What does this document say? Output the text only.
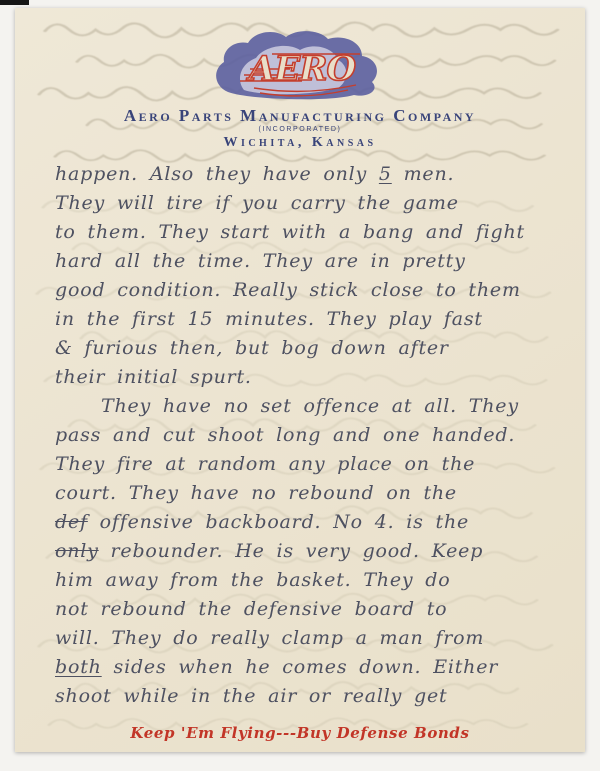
AERO
Aero Parts Manufacturing Company
(INCORPORATED)
Wichita, Kansas
happen. Also they have only 5 men.
They will tire if you carry the game
to them. They start with a bang and fight
hard all the time. They are in pretty
good condition. Really stick close to them
in the first 15 minutes. They play fast
& furious then, but bog down after
their initial spurt.
They have no set offence at all. They
pass and cut shoot long and one handed.
They fire at random any place on the
court. They have no rebound on the
def offensive backboard. No 4. is the
only rebounder. He is very good. Keep
him away from the basket. They do
not rebound the defensive board to
will. They do really clamp a man from
both sides when he comes down. Either
shoot while in the air or really get
Keep 'Em Flying---Buy Defense Bonds
